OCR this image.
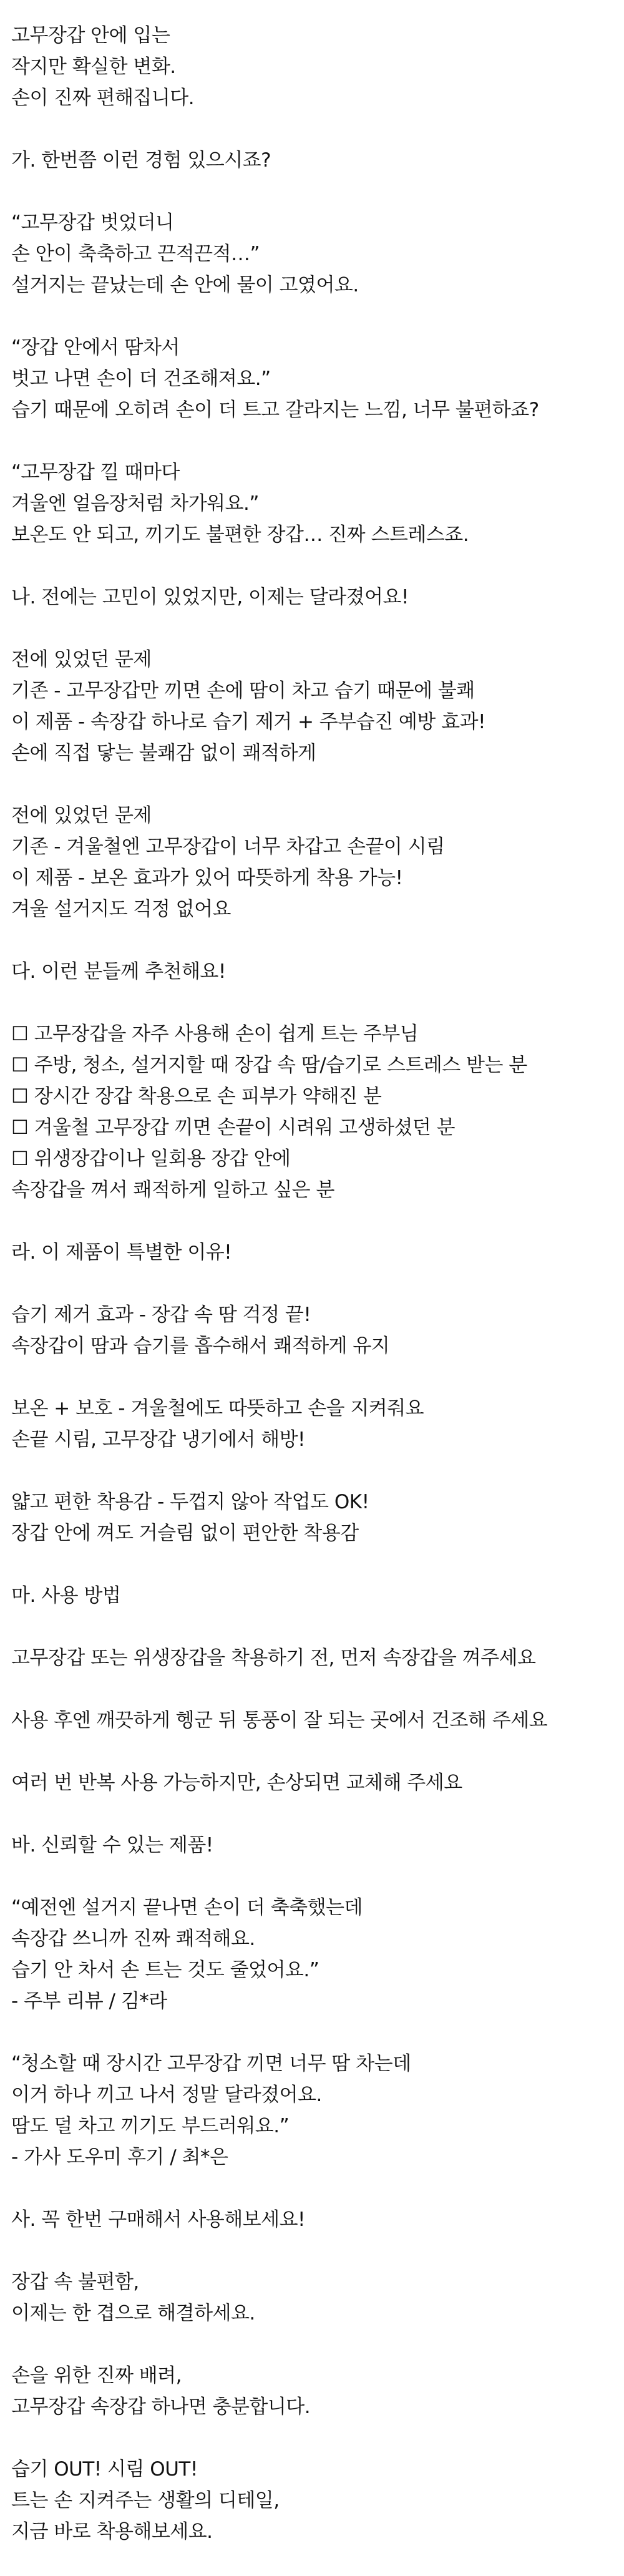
고무장갑 안에 입는
작지만 확실한 변화.
손이 진짜 편해집니다.
가. 한번쯤 이런 경험 있으시죠?
“고무장갑 벗었더니
손 안이 축축하고 끈적끈적…”
설거지는 끝났는데 손 안에 물이 고였어요.
“장갑 안에서 땀차서
벗고 나면 손이 더 건조해져요.”
습기 때문에 오히려 손이 더 트고 갈라지는 느낌, 너무 불편하죠?
“고무장갑 낄 때마다
겨울엔 얼음장처럼 차가워요.”
보온도 안 되고, 끼기도 불편한 장갑… 진짜 스트레스죠.
나. 전에는 고민이 있었지만, 이제는 달라졌어요!
전에 있었던 문제
기존 - 고무장갑만 끼면 손에 땀이 차고 습기 때문에 불쾌
이 제품 - 속장갑 하나로 습기 제거 + 주부습진 예방 효과!
손에 직접 닿는 불쾌감 없이 쾌적하게
전에 있었던 문제
기존 - 겨울철엔 고무장갑이 너무 차갑고 손끝이 시림
이 제품 - 보온 효과가 있어 따뜻하게 착용 가능!
겨울 설거지도 걱정 없어요
다. 이런 분들께 추천해요!
☐ 고무장갑을 자주 사용해 손이 쉽게 트는 주부님
☐ 주방, 청소, 설거지할 때 장갑 속 땀/습기로 스트레스 받는 분
☐ 장시간 장갑 착용으로 손 피부가 약해진 분
☐ 겨울철 고무장갑 끼면 손끝이 시려워 고생하셨던 분
☐ 위생장갑이나 일회용 장갑 안에
속장갑을 껴서 쾌적하게 일하고 싶은 분
라. 이 제품이 특별한 이유!
습기 제거 효과 - 장갑 속 땀 걱정 끝!
속장갑이 땀과 습기를 흡수해서 쾌적하게 유지
보온 + 보호 - 겨울철에도 따뜻하고 손을 지켜줘요
손끝 시림, 고무장갑 냉기에서 해방!
얇고 편한 착용감 - 두껍지 않아 작업도 OK!
장갑 안에 껴도 거슬림 없이 편안한 착용감
마. 사용 방법
고무장갑 또는 위생장갑을 착용하기 전, 먼저 속장갑을 껴주세요
사용 후엔 깨끗하게 헹군 뒤 통풍이 잘 되는 곳에서 건조해 주세요
여러 번 반복 사용 가능하지만, 손상되면 교체해 주세요
바. 신뢰할 수 있는 제품!
“예전엔 설거지 끝나면 손이 더 축축했는데
속장갑 쓰니까 진짜 쾌적해요.
습기 안 차서 손 트는 것도 줄었어요.”
- 주부 리뷰 / 김*라
“청소할 때 장시간 고무장갑 끼면 너무 땀 차는데
이거 하나 끼고 나서 정말 달라졌어요.
땀도 덜 차고 끼기도 부드러워요.”
- 가사 도우미 후기 / 최*은
사. 꼭 한번 구매해서 사용해보세요!
장갑 속 불편함,
이제는 한 겹으로 해결하세요.
손을 위한 진짜 배려,
고무장갑 속장갑 하나면 충분합니다.
습기 OUT! 시림 OUT!
트는 손 지켜주는 생활의 디테일,
지금 바로 착용해보세요.
